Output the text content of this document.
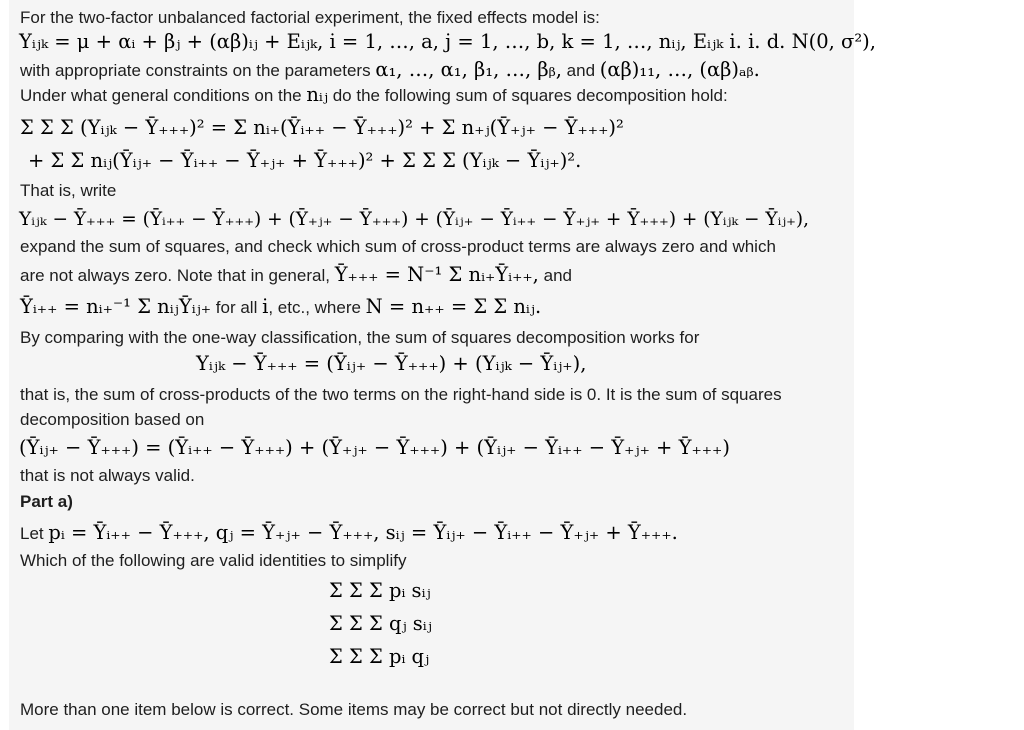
For the two-factor unbalanced factorial experiment, the fixed effects model is:
Yᵢⱼₖ = μ + αᵢ + βⱼ + (αβ)ᵢⱼ + Eᵢⱼₖ, i = 1, …, a, j = 1, …, b, k = 1, …, nᵢⱼ, Eᵢⱼₖ i. i. d. N(0, σ²),
with appropriate constraints on the parameters α₁, …, α₁, β₁, …, βᵦ, and (αβ)₁₁, …, (αβ)ₐᵦ.
Under what general conditions on the nᵢⱼ do the following sum of squares decomposition hold:
Σ Σ Σ (Yᵢⱼₖ − Ȳ₊₊₊)² = Σ nᵢ₊(Ȳᵢ₊₊ − Ȳ₊₊₊)² + Σ n₊ⱼ(Ȳ₊ⱼ₊ − Ȳ₊₊₊)²
+ Σ Σ nᵢⱼ(Ȳᵢⱼ₊ − Ȳᵢ₊₊ − Ȳ₊ⱼ₊ + Ȳ₊₊₊)² + Σ Σ Σ (Yᵢⱼₖ − Ȳᵢⱼ₊)².
That is, write
Yᵢⱼₖ − Ȳ₊₊₊ = (Ȳᵢ₊₊ − Ȳ₊₊₊) + (Ȳ₊ⱼ₊ − Ȳ₊₊₊) + (Ȳᵢⱼ₊ − Ȳᵢ₊₊ − Ȳ₊ⱼ₊ + Ȳ₊₊₊) + (Yᵢⱼₖ − Ȳᵢⱼ₊),
expand the sum of squares, and check which sum of cross-product terms are always zero and which
are not always zero. Note that in general, Ȳ₊₊₊ = N⁻¹ Σ nᵢ₊Ȳᵢ₊₊, and
Ȳᵢ₊₊ = nᵢ₊⁻¹ Σ nᵢⱼȲᵢⱼ₊ for all i, etc., where N = n₊₊ = Σ Σ nᵢⱼ.
By comparing with the one-way classification, the sum of squares decomposition works for
Yᵢⱼₖ − Ȳ₊₊₊ = (Ȳᵢⱼ₊ − Ȳ₊₊₊) + (Yᵢⱼₖ − Ȳᵢⱼ₊),
that is, the sum of cross-products of the two terms on the right-hand side is 0. It is the sum of squares
decomposition based on
(Ȳᵢⱼ₊ − Ȳ₊₊₊) = (Ȳᵢ₊₊ − Ȳ₊₊₊) + (Ȳ₊ⱼ₊ − Ȳ₊₊₊) + (Ȳᵢⱼ₊ − Ȳᵢ₊₊ − Ȳ₊ⱼ₊ + Ȳ₊₊₊)
that is not always valid.
Part a)
Let pᵢ = Ȳᵢ₊₊ − Ȳ₊₊₊, qⱼ = Ȳ₊ⱼ₊ − Ȳ₊₊₊, sᵢⱼ = Ȳᵢⱼ₊ − Ȳᵢ₊₊ − Ȳ₊ⱼ₊ + Ȳ₊₊₊.
Which of the following are valid identities to simplify
Σ Σ Σ pᵢ sᵢⱼ
Σ Σ Σ qⱼ sᵢⱼ
Σ Σ Σ pᵢ qⱼ
More than one item below is correct. Some items may be correct but not directly needed.
